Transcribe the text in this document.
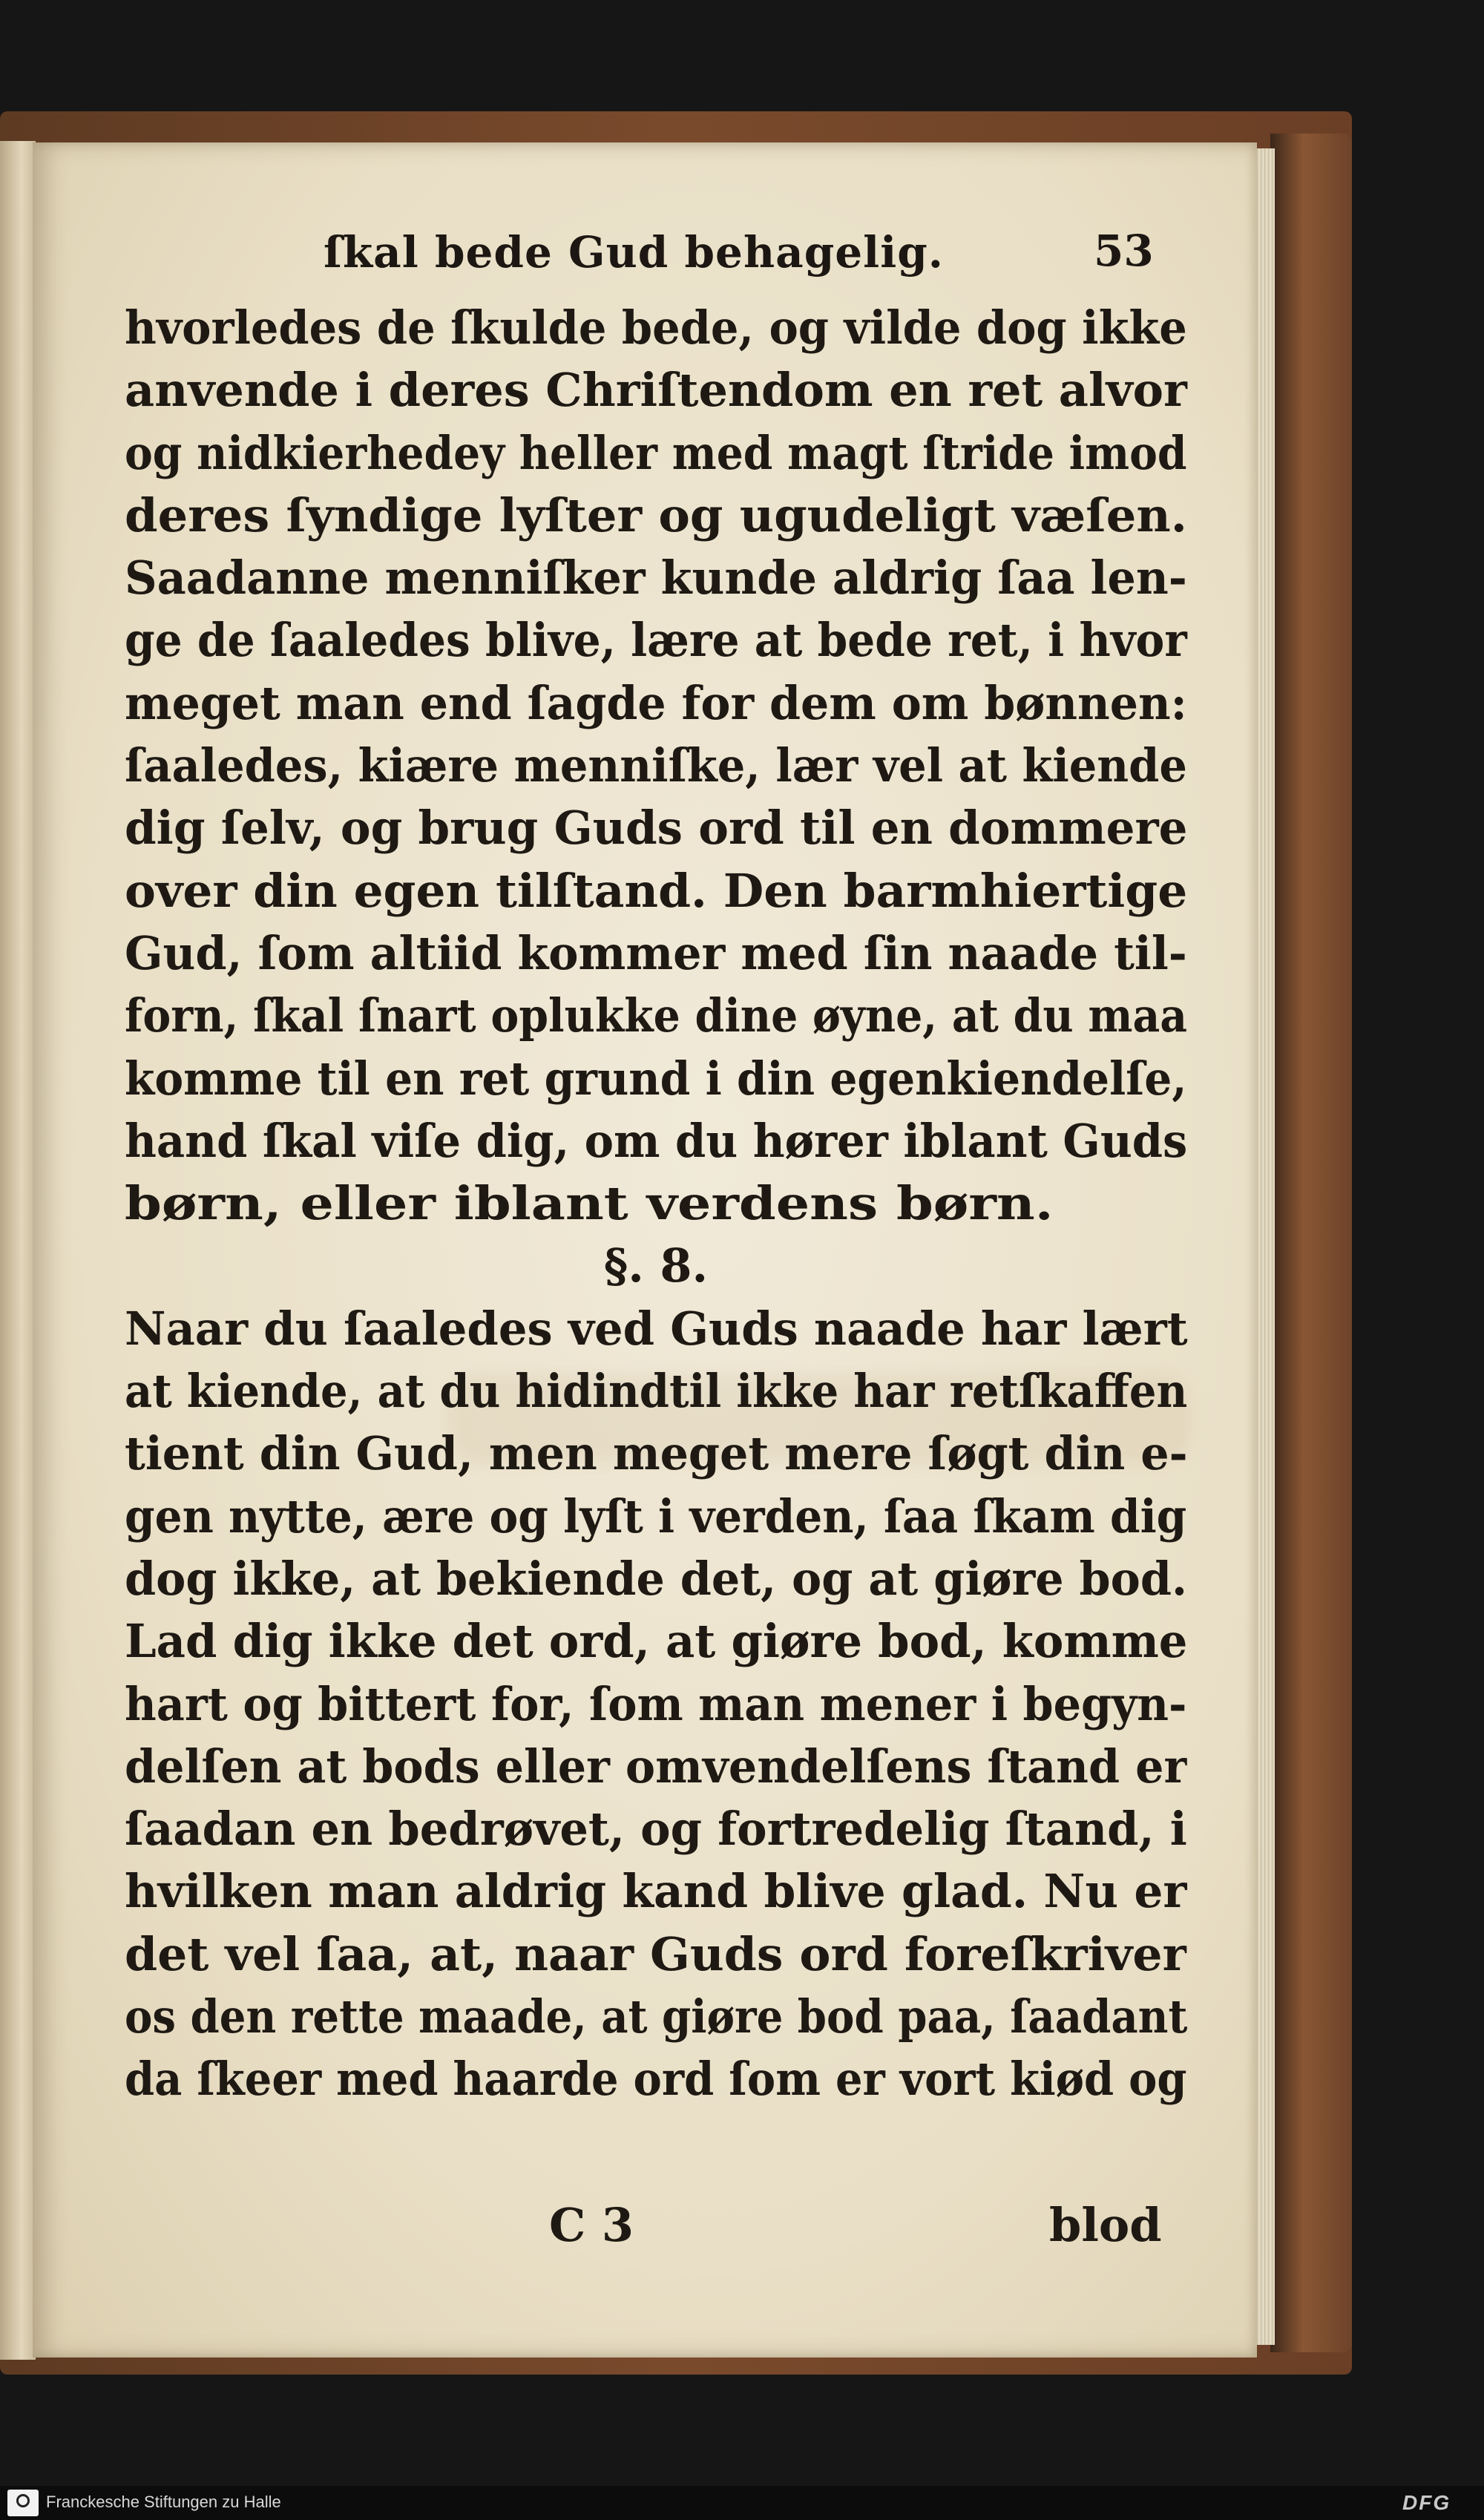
ſkal bede Gud behagelig.	53
hvorledes de ſkulde bede, og vilde dog ikke
anvende i deres Chriſtendom en ret alvor
og nidkierhedey heller med magt ſtride imod
deres ſyndige lyſter og ugudeligt væſen.
Saadanne menniſker kunde aldrig ſaa len-
ge de ſaaledes blive, lære at bede ret, i hvor
meget man end ſagde for dem om bønnen:
ſaaledes, kiære menniſke, lær vel at kiende
dig ſelv, og brug Guds ord til en dommere
over din egen tilſtand. Den barmhiertige
Gud, ſom altiid kommer med ſin naade til-
forn, ſkal ſnart oplukke dine øyne, at du maa
komme til en ret grund i din egenkiendelſe,
hand ſkal viſe dig, om du hører iblant Guds
børn, eller iblant verdens børn.
§. 8.
Naar du ſaaledes ved Guds naade har lært
at kiende, at du hidindtil ikke har retſkaffen
tient din Gud, men meget mere ſøgt din e-
gen nytte, ære og lyſt i verden, ſaa ſkam dig
dog ikke, at bekiende det, og at giøre bod.
Lad dig ikke det ord, at giøre bod, komme
hart og bittert for, ſom man mener i begyn-
delſen at bods eller omvendelſens ſtand er
ſaadan en bedrøvet, og fortredelig ſtand, i
hvilken man aldrig kand blive glad. Nu er
det vel ſaa, at, naar Guds ord foreſkriver
os den rette maade, at giøre bod paa, ſaadant
da ſkeer med haarde ord ſom er vort kiød og
C 3	blod
Franckesche Stiftungen zu Halle	DFG
